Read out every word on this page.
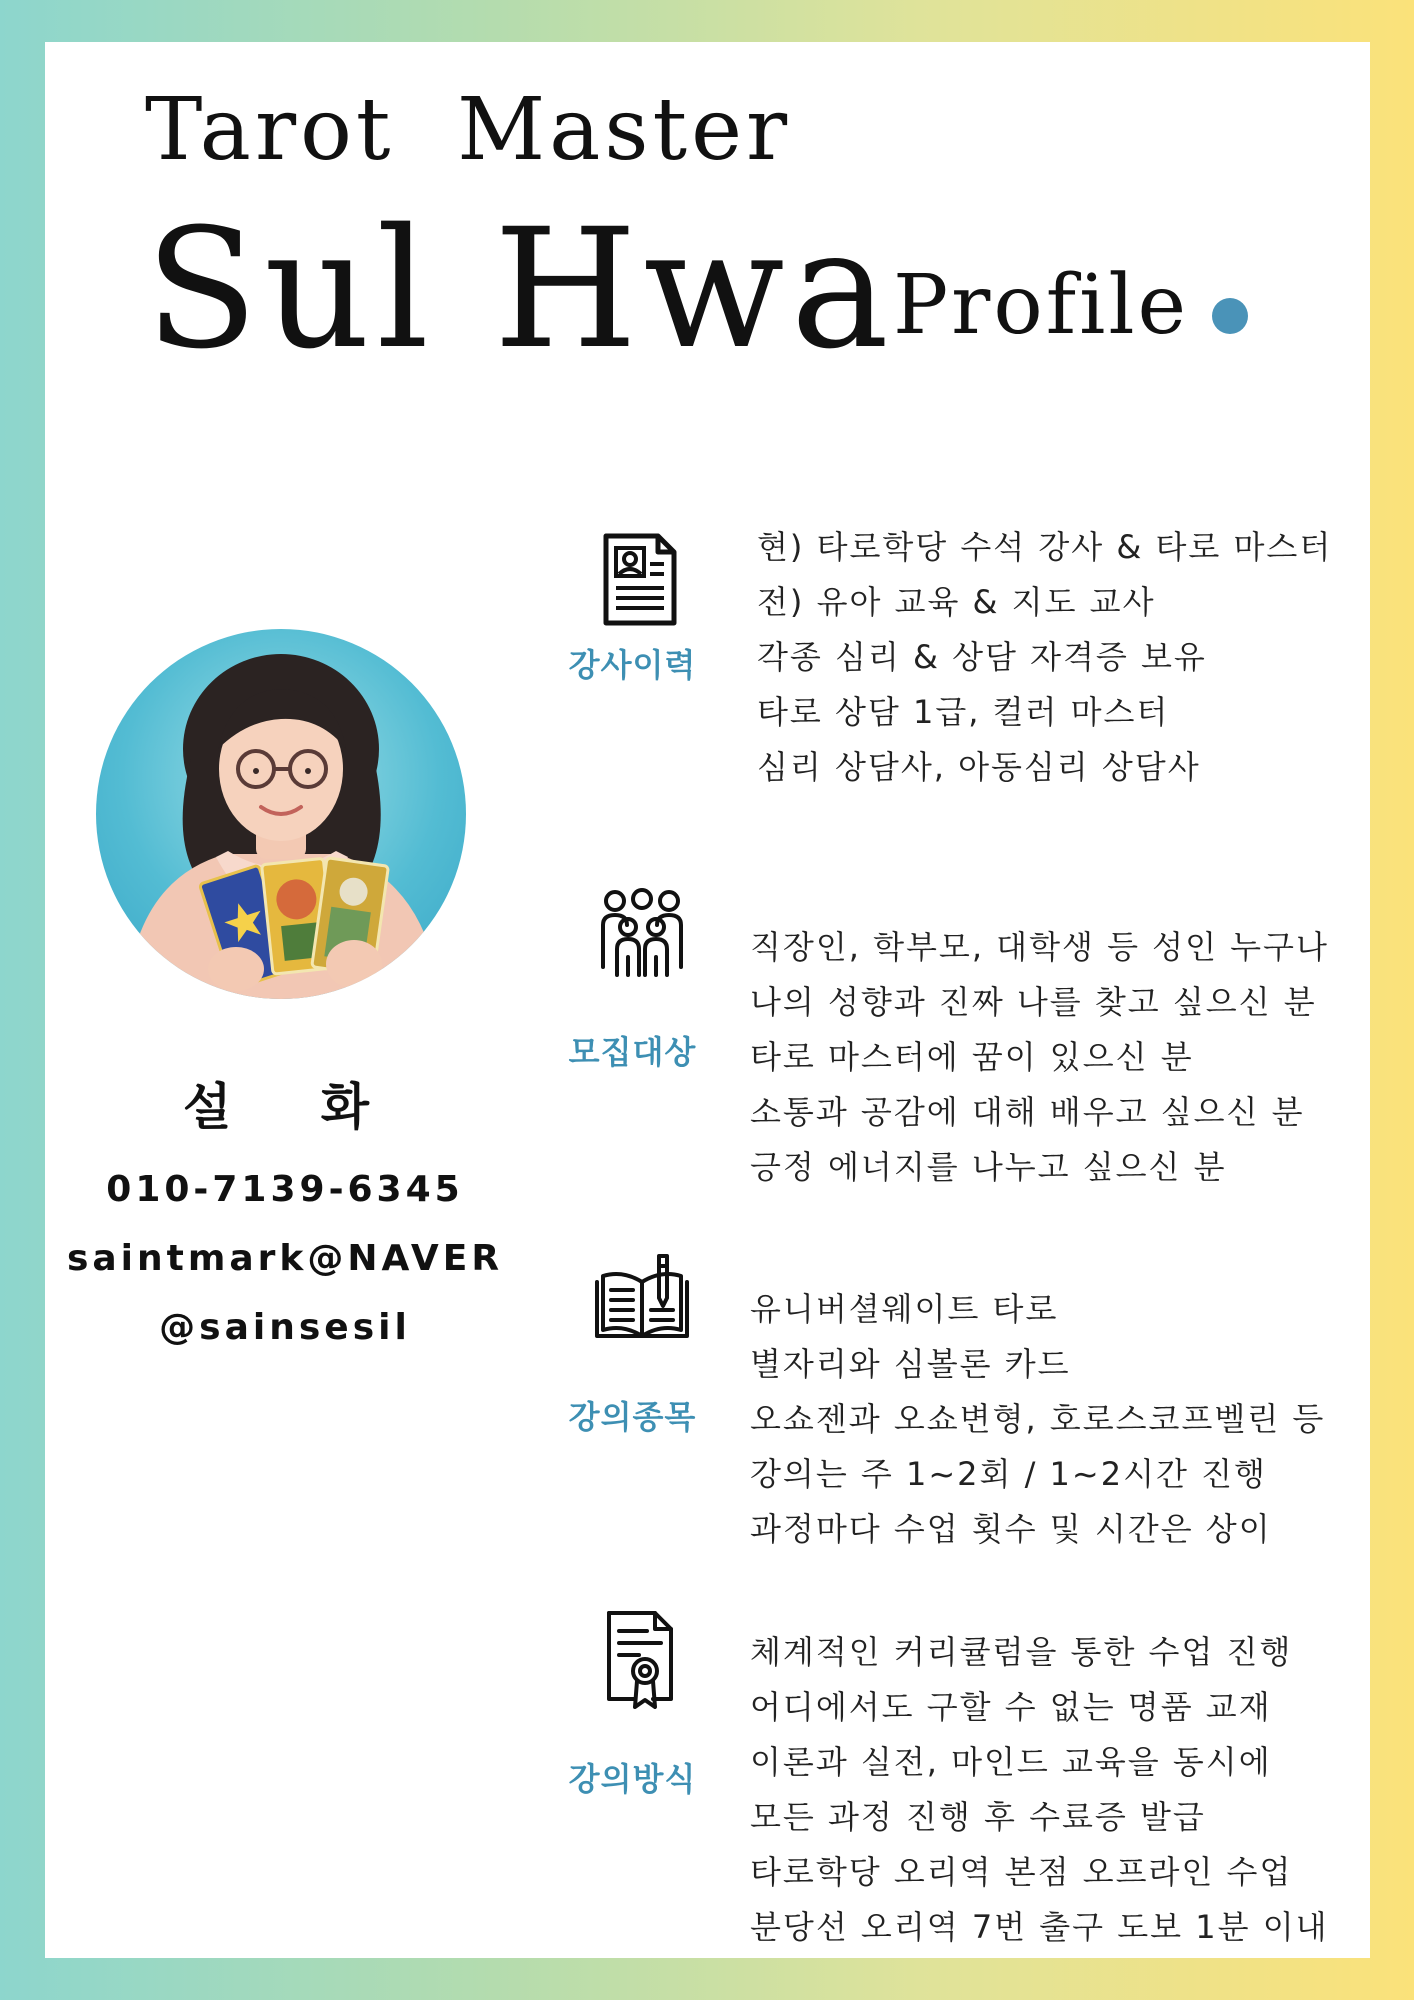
Tarot  Master
Sul Hwa
Profile
설 화
010-7139-6345
saintmark@NAVER
@sainsesil
강사이력
현) 타로학당 수석 강사 & 타로 마스터
전) 유아 교육 & 지도 교사
각종 심리 & 상담 자격증 보유
타로 상담 1급, 컬러 마스터
심리 상담사, 아동심리 상담사
모집대상
직장인, 학부모, 대학생 등 성인 누구나
나의 성향과 진짜 나를 찾고 싶으신 분
타로 마스터에 꿈이 있으신 분
소통과 공감에 대해 배우고 싶으신 분
긍정 에너지를 나누고 싶으신 분
강의종목
유니버셜웨이트 타로
별자리와 심볼론 카드
오쇼젠과 오쇼변형, 호로스코프벨린 등
강의는 주 1~2회 / 1~2시간 진행
과정마다 수업 횟수 및 시간은 상이
강의방식
체계적인 커리큘럼을 통한 수업 진행
어디에서도 구할 수 없는 명품 교재
이론과 실전, 마인드 교육을 동시에
모든 과정 진행 후 수료증 발급
타로학당 오리역 본점 오프라인 수업
분당선 오리역 7번 출구 도보 1분 이내
